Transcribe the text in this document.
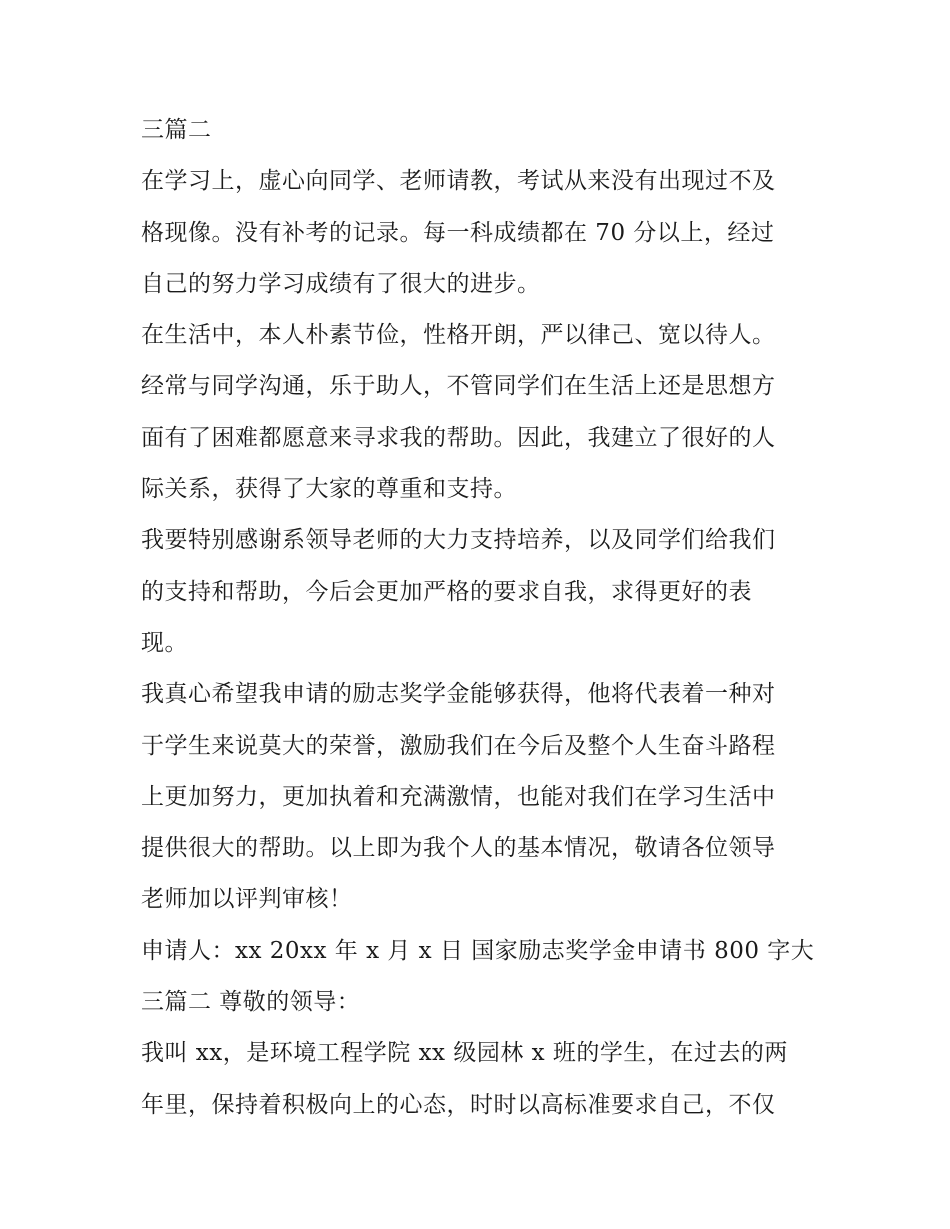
三篇二
在学习上，虚心向同学、老师请教，考试从来没有出现过不及
格现像。没有补考的记录。每一科成绩都在 70 分以上，经过
自己的努力学习成绩有了很大的进步。
在生活中，本人朴素节俭，性格开朗，严以律己、宽以待人。
经常与同学沟通，乐于助人，不管同学们在生活上还是思想方
面有了困难都愿意来寻求我的帮助。因此，我建立了很好的人
际关系，获得了大家的尊重和支持。
我要特别感谢系领导老师的大力支持培养，以及同学们给我们
的支持和帮助，今后会更加严格的要求自我，求得更好的表
现。
我真心希望我申请的励志奖学金能够获得，他将代表着一种对
于学生来说莫大的荣誉，激励我们在今后及整个人生奋斗路程
上更加努力，更加执着和充满激情，也能对我们在学习生活中
提供很大的帮助。以上即为我个人的基本情况，敬请各位领导
老师加以评判审核！
申请人：xx 20xx 年 x 月 x 日 国家励志奖学金申请书 800 字大
三篇二 尊敬的领导：
我叫 xx，是环境工程学院 xx 级园林 x 班的学生，在过去的两
年里，保持着积极向上的心态，时时以高标准要求自己，不仅
